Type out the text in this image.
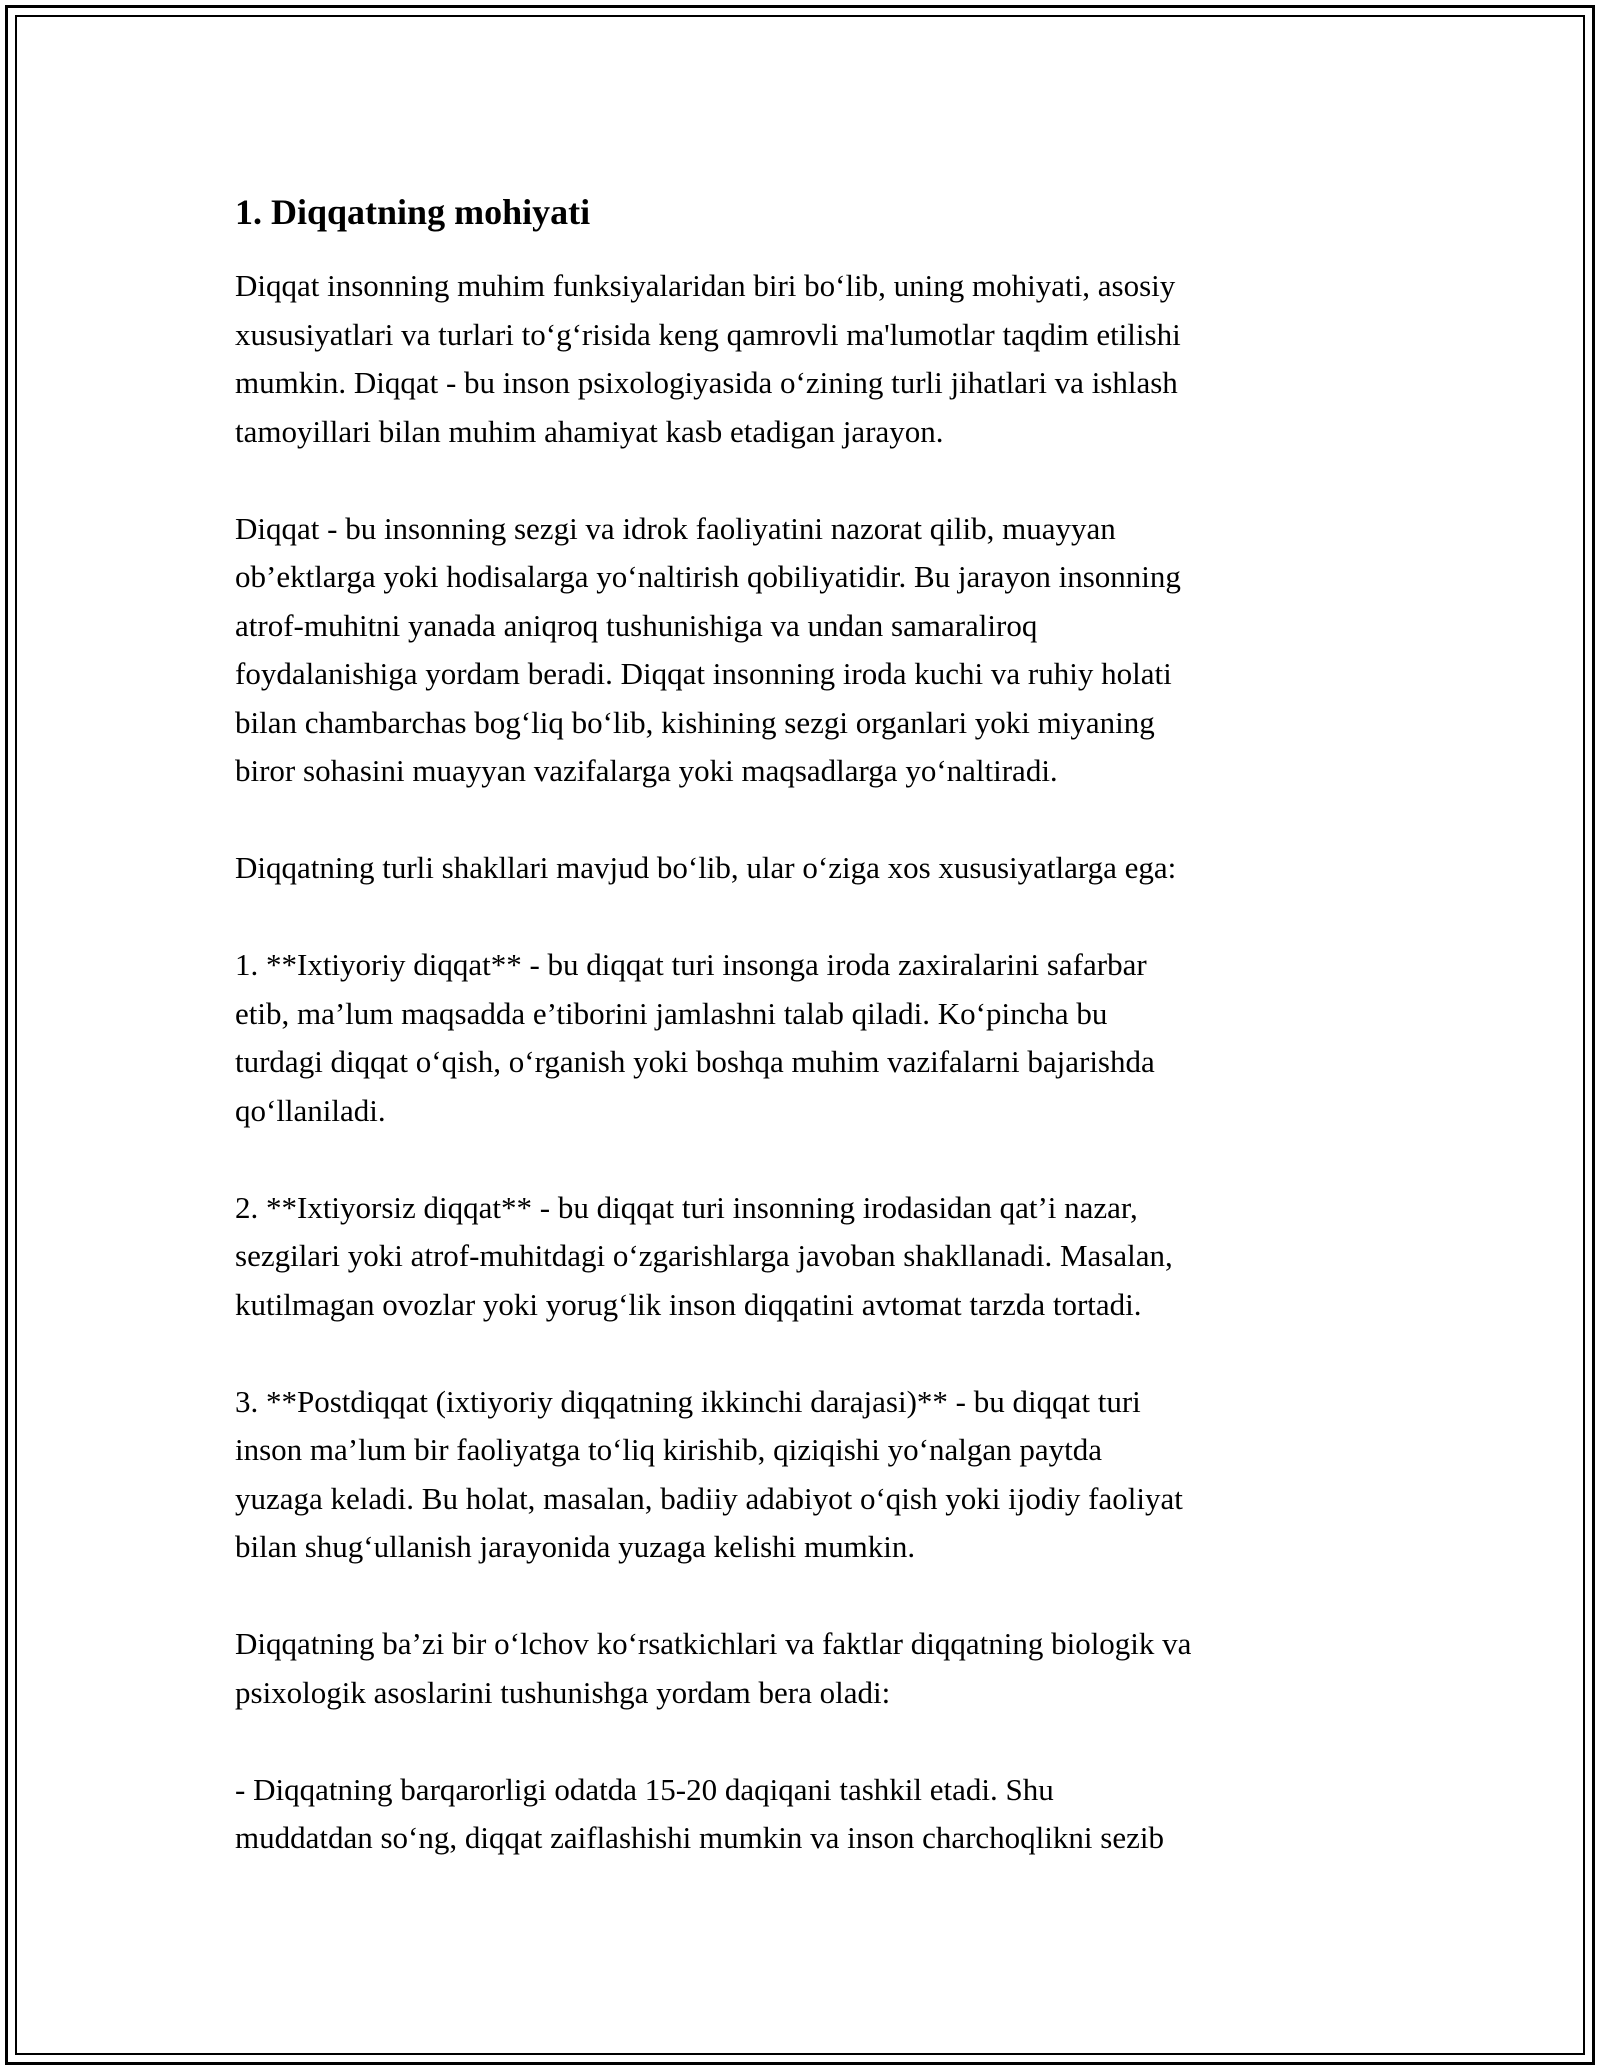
1. Diqqatning mohiyati

Diqqat insonning muhim funksiyalaridan biri bo‘lib, uning mohiyati, asosiy
xususiyatlari va turlari to‘g‘risida keng qamrovli ma'lumotlar taqdim etilishi
mumkin. Diqqat - bu inson psixologiyasida o‘zining turli jihatlari va ishlash
tamoyillari bilan muhim ahamiyat kasb etadigan jarayon.

Diqqat - bu insonning sezgi va idrok faoliyatini nazorat qilib, muayyan
ob’ektlarga yoki hodisalarga yo‘naltirish qobiliyatidir. Bu jarayon insonning
atrof-muhitni yanada aniqroq tushunishiga va undan samaraliroq
foydalanishiga yordam beradi. Diqqat insonning iroda kuchi va ruhiy holati
bilan chambarchas bog‘liq bo‘lib, kishining sezgi organlari yoki miyaning
biror sohasini muayyan vazifalarga yoki maqsadlarga yo‘naltiradi.

Diqqatning turli shakllari mavjud bo‘lib, ular o‘ziga xos xususiyatlarga ega:

1. **Ixtiyoriy diqqat** - bu diqqat turi insonga iroda zaxiralarini safarbar
etib, ma’lum maqsadda e’tiborini jamlashni talab qiladi. Ko‘pincha bu
turdagi diqqat o‘qish, o‘rganish yoki boshqa muhim vazifalarni bajarishda
qo‘llaniladi.

2. **Ixtiyorsiz diqqat** - bu diqqat turi insonning irodasidan qat’i nazar,
sezgilari yoki atrof-muhitdagi o‘zgarishlarga javoban shakllanadi. Masalan,
kutilmagan ovozlar yoki yorug‘lik inson diqqatini avtomat tarzda tortadi.

3. **Postdiqqat (ixtiyoriy diqqatning ikkinchi darajasi)** - bu diqqat turi
inson ma’lum bir faoliyatga to‘liq kirishib, qiziqishi yo‘nalgan paytda
yuzaga keladi. Bu holat, masalan, badiiy adabiyot o‘qish yoki ijodiy faoliyat
bilan shug‘ullanish jarayonida yuzaga kelishi mumkin.

Diqqatning ba’zi bir o‘lchov ko‘rsatkichlari va faktlar diqqatning biologik va
psixologik asoslarini tushunishga yordam bera oladi:

- Diqqatning barqarorligi odatda 15-20 daqiqani tashkil etadi. Shu
muddatdan so‘ng, diqqat zaiflashishi mumkin va inson charchoqlikni sezib
